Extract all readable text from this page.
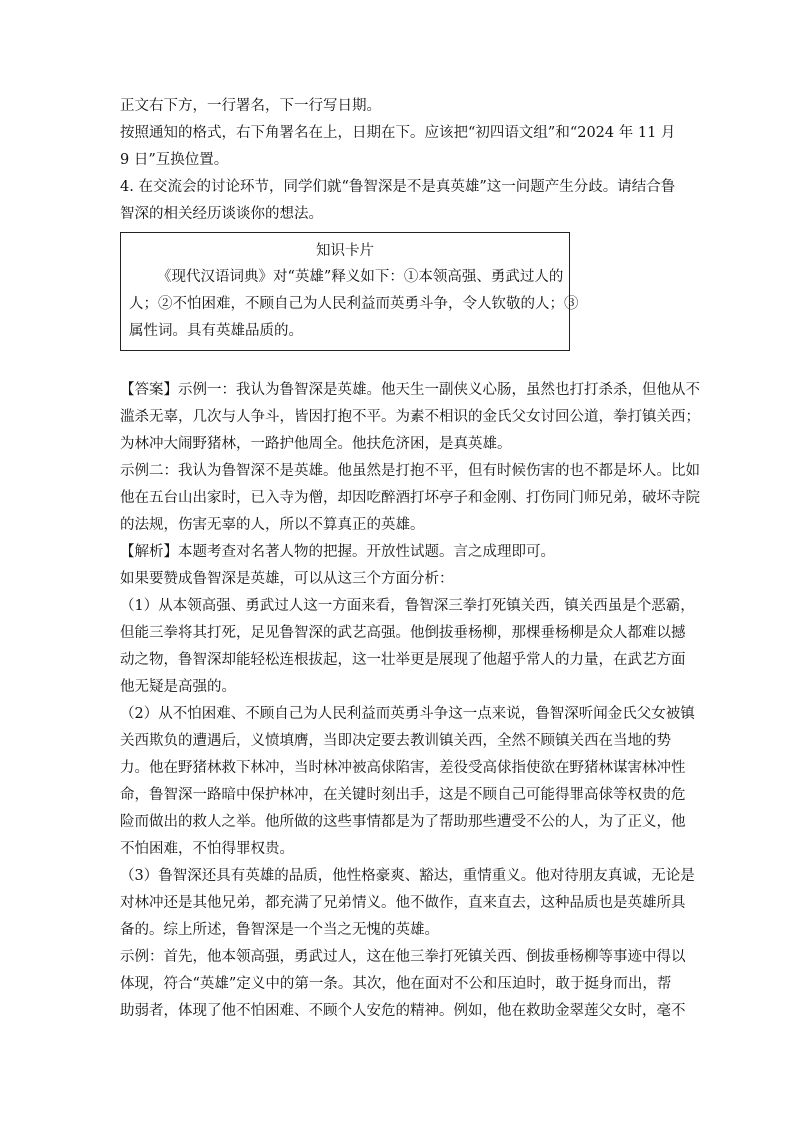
正文右下方，一行署名，下一行写日期。
按照通知的格式，右下角署名在上，日期在下。应该把“初四语文组”和“2024 年 11 月
9 日”互换位置。
4. 在交流会的讨论环节，同学们就“鲁智深是不是真英雄”这一问题产生分歧。请结合鲁
智深的相关经历谈谈你的想法。
知识卡片
《现代汉语词典》对“英雄”释义如下：①本领高强、勇武过人的
人；②不怕困难，不顾自己为人民利益而英勇斗争，令人钦敬的人；③
属性词。具有英雄品质的。
【答案】示例一：我认为鲁智深是英雄。他天生一副侠义心肠，虽然也打打杀杀，但他从不
滥杀无辜，几次与人争斗，皆因打抱不平。为素不相识的金氏父女讨回公道，拳打镇关西；
为林冲大闹野猪林，一路护他周全。他扶危济困，是真英雄。
示例二：我认为鲁智深不是英雄。他虽然是打抱不平，但有时候伤害的也不都是坏人。比如
他在五台山出家时，已入寺为僧，却因吃醉酒打坏亭子和金刚、打伤同门师兄弟，破坏寺院
的法规，伤害无辜的人，所以不算真正的英雄。
【解析】本题考查对名著人物的把握。开放性试题。言之成理即可。
如果要赞成鲁智深是英雄，可以从这三个方面分析：
（1）从本领高强、勇武过人这一方面来看，鲁智深三拳打死镇关西，镇关西虽是个恶霸，
但能三拳将其打死，足见鲁智深的武艺高强。他倒拔垂杨柳，那棵垂杨柳是众人都难以撼
动之物，鲁智深却能轻松连根拔起，这一壮举更是展现了他超乎常人的力量，在武艺方面
他无疑是高强的。
（2）从不怕困难、不顾自己为人民利益而英勇斗争这一点来说，鲁智深听闻金氏父女被镇
关西欺负的遭遇后，义愤填膺，当即决定要去教训镇关西，全然不顾镇关西在当地的势
力。他在野猪林救下林冲，当时林冲被高俅陷害，差役受高俅指使欲在野猪林谋害林冲性
命，鲁智深一路暗中保护林冲，在关键时刻出手，这是不顾自己可能得罪高俅等权贵的危
险而做出的救人之举。他所做的这些事情都是为了帮助那些遭受不公的人，为了正义，他
不怕困难，不怕得罪权贵。
（3）鲁智深还具有英雄的品质，他性格豪爽、豁达，重情重义。他对待朋友真诚，无论是
对林冲还是其他兄弟，都充满了兄弟情义。他不做作，直来直去，这种品质也是英雄所具
备的。综上所述，鲁智深是一个当之无愧的英雄。
示例：首先，他本领高强，勇武过人，这在他三拳打死镇关西、倒拔垂杨柳等事迹中得以
体现，符合“英雄”定义中的第一条。其次，他在面对不公和压迫时，敢于挺身而出，帮
助弱者，体现了他不怕困难、不顾个人安危的精神。例如，他在救助金翠莲父女时，毫不
